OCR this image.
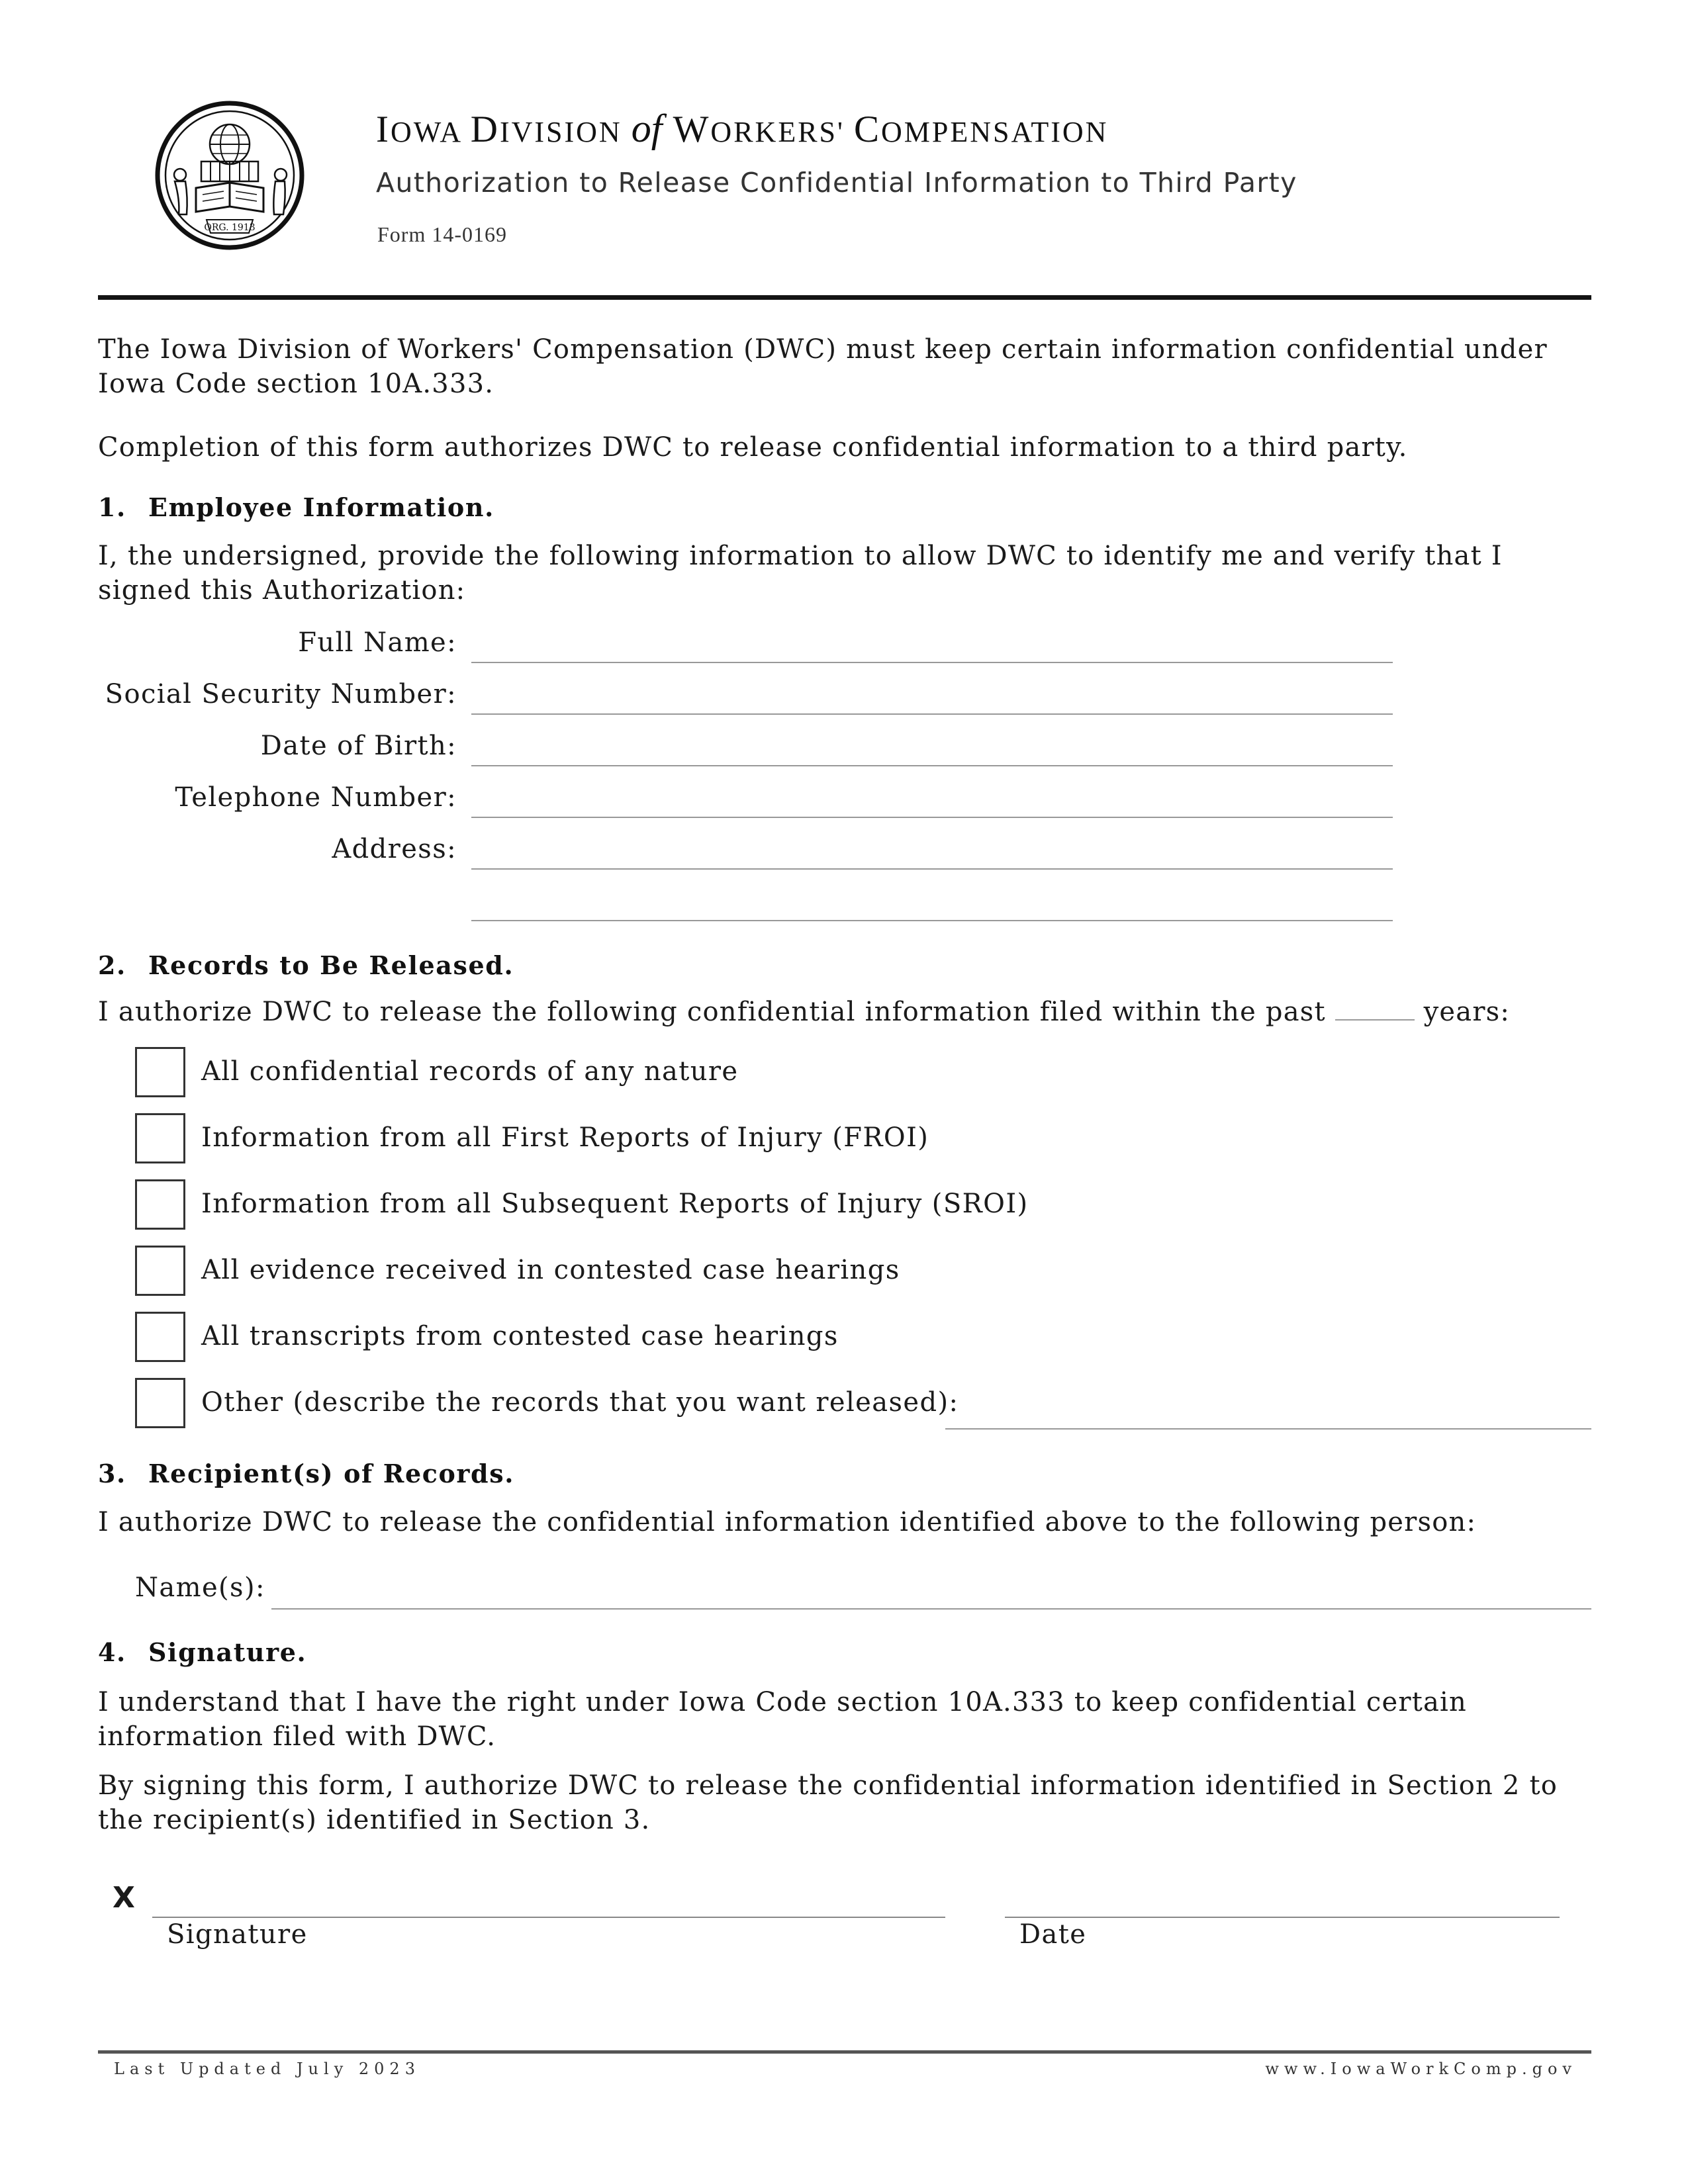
ORG. 1913
IOWA DIVISION of WORKERS' COMPENSATION
Authorization to Release Confidential Information to Third Party
Form 14-0169
The Iowa Division of Workers' Compensation (DWC) must keep certain information confidential under Iowa Code section 10A.333.
Completion of this form authorizes DWC to release confidential information to a third party.
1. Employee Information.
I, the undersigned, provide the following information to allow DWC to identify me and verify that I signed this Authorization:
Full Name:
Social Security Number:
Date of Birth:
Telephone Number:
Address:
2. Records to Be Released.
I authorize DWC to release the following confidential information filed within the past	years:
All confidential records of any nature
Information from all First Reports of Injury (FROI)
Information from all Subsequent Reports of Injury (SROI)
All evidence received in contested case hearings
All transcripts from contested case hearings
Other (describe the records that you want released):
3. Recipient(s) of Records.
I authorize DWC to release the confidential information identified above to the following person:
Name(s):
4. Signature.
I understand that I have the right under Iowa Code section 10A.333 to keep confidential certain information filed with DWC.
By signing this form, I authorize DWC to release the confidential information identified in Section 2 to the recipient(s) identified in Section 3.
X
Signature	Date
Last Updated July 2023	www.IowaWorkComp.gov
